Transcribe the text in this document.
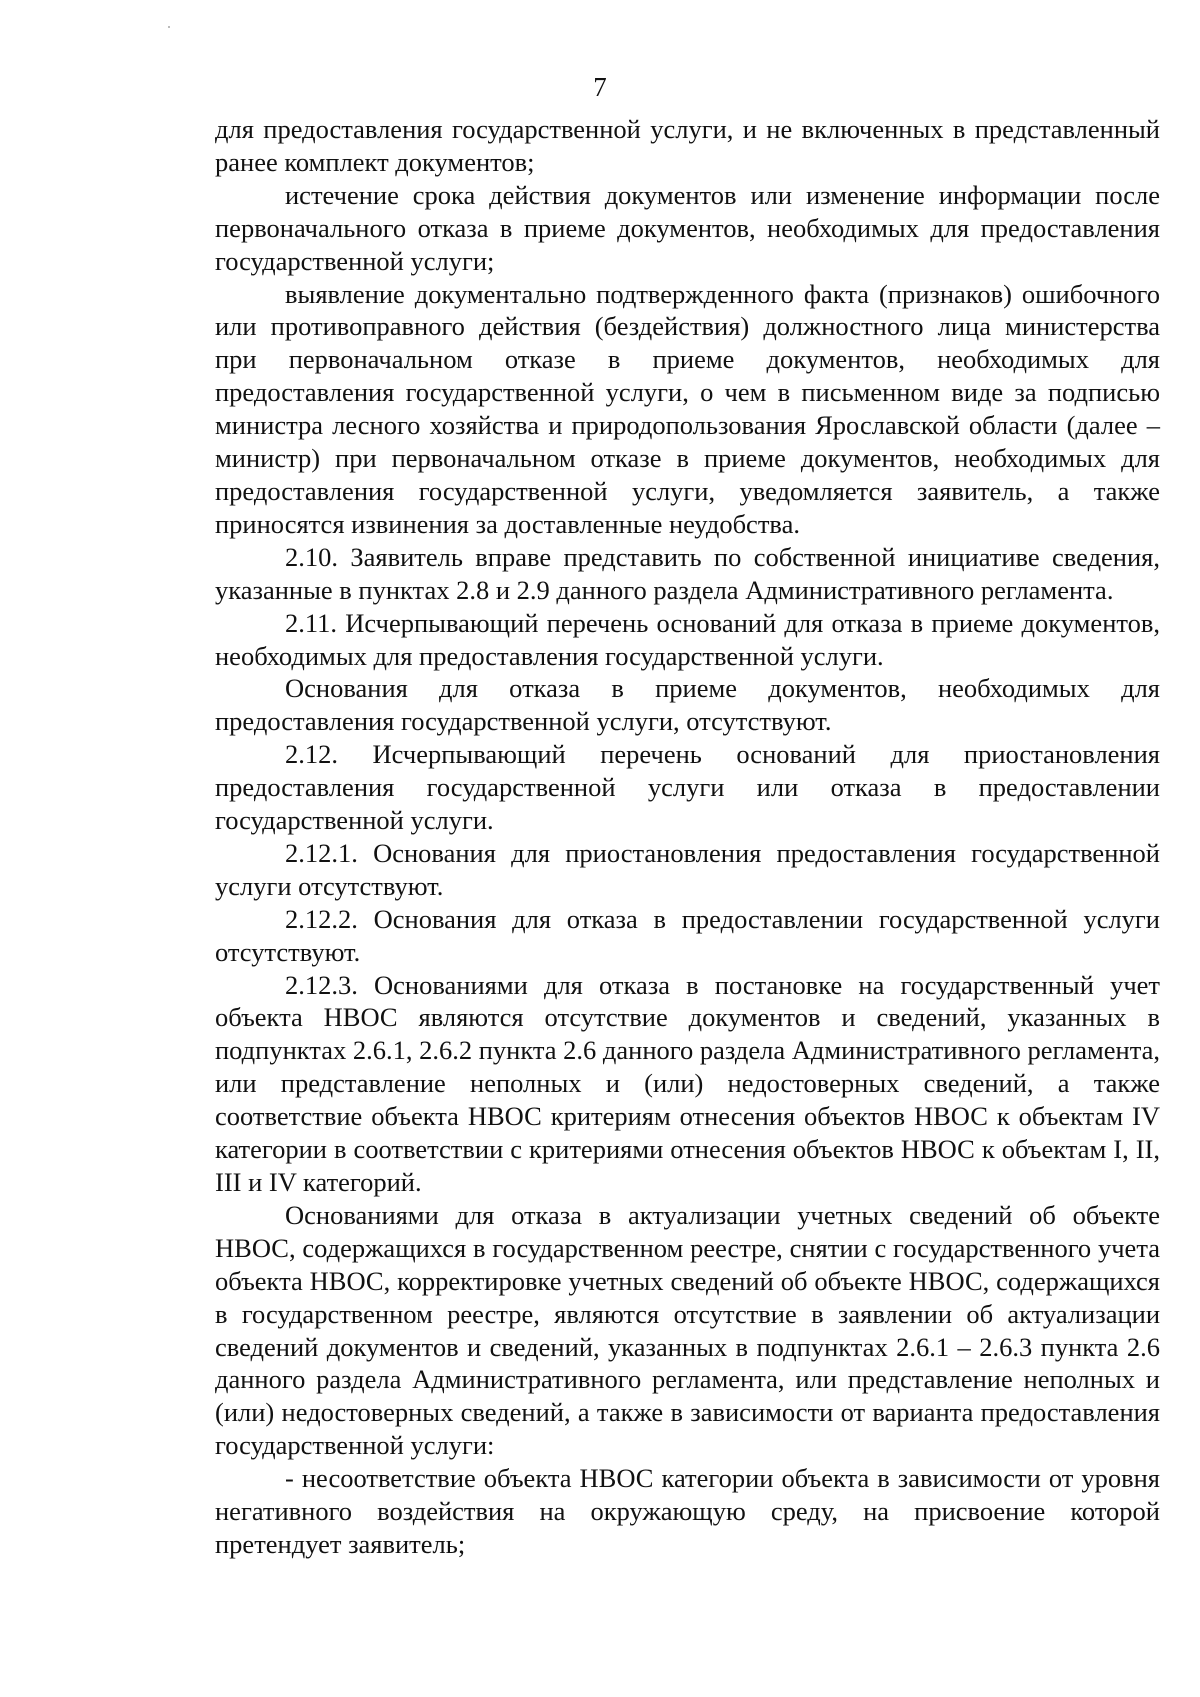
7

для предоставления государственной услуги, и не включенных в представленный ранее комплект документов;

истечение срока действия документов или изменение информации после первоначального отказа в приеме документов, необходимых для предоставления государственной услуги;

выявление документально подтвержденного факта (признаков) ошибочного или противоправного действия (бездействия) должностного лица министерства при первоначальном отказе в приеме документов, необходимых для предоставления государственной услуги, о чем в письменном виде за подписью министра лесного хозяйства и природопользования Ярославской области (далее – министр) при первоначальном отказе в приеме документов, необходимых для предоставления государственной услуги, уведомляется заявитель, а также приносятся извинения за доставленные неудобства.

2.10. Заявитель вправе представить по собственной инициативе сведения, указанные в пунктах 2.8 и 2.9 данного раздела Административного регламента.

2.11. Исчерпывающий перечень оснований для отказа в приеме документов, необходимых для предоставления государственной услуги.

Основания для отказа в приеме документов, необходимых для предоставления государственной услуги, отсутствуют.

2.12. Исчерпывающий перечень оснований для приостановления предоставления государственной услуги или отказа в предоставлении государственной услуги.

2.12.1. Основания для приостановления предоставления государственной услуги отсутствуют.

2.12.2. Основания для отказа в предоставлении государственной услуги отсутствуют.

2.12.3. Основаниями для отказа в постановке на государственный учет объекта НВОС являются отсутствие документов и сведений, указанных в подпунктах 2.6.1, 2.6.2 пункта 2.6 данного раздела Административного регламента, или представление неполных и (или) недостоверных сведений, а также соответствие объекта НВОС критериям отнесения объектов НВОС к объектам IV категории в соответствии с критериями отнесения объектов НВОС к объектам I, II, III и IV категорий.

Основаниями для отказа в актуализации учетных сведений об объекте НВОС, содержащихся в государственном реестре, снятии с государственного учета объекта НВОС, корректировке учетных сведений об объекте НВОС, содержащихся в государственном реестре, являются отсутствие в заявлении об актуализации сведений документов и сведений, указанных в подпунктах 2.6.1 – 2.6.3 пункта 2.6 данного раздела Административного регламента, или представление неполных и (или) недостоверных сведений, а также в зависимости от варианта предоставления государственной услуги:

- несоответствие объекта НВОС категории объекта в зависимости от уровня негативного воздействия на окружающую среду, на присвоение которой претендует заявитель;
